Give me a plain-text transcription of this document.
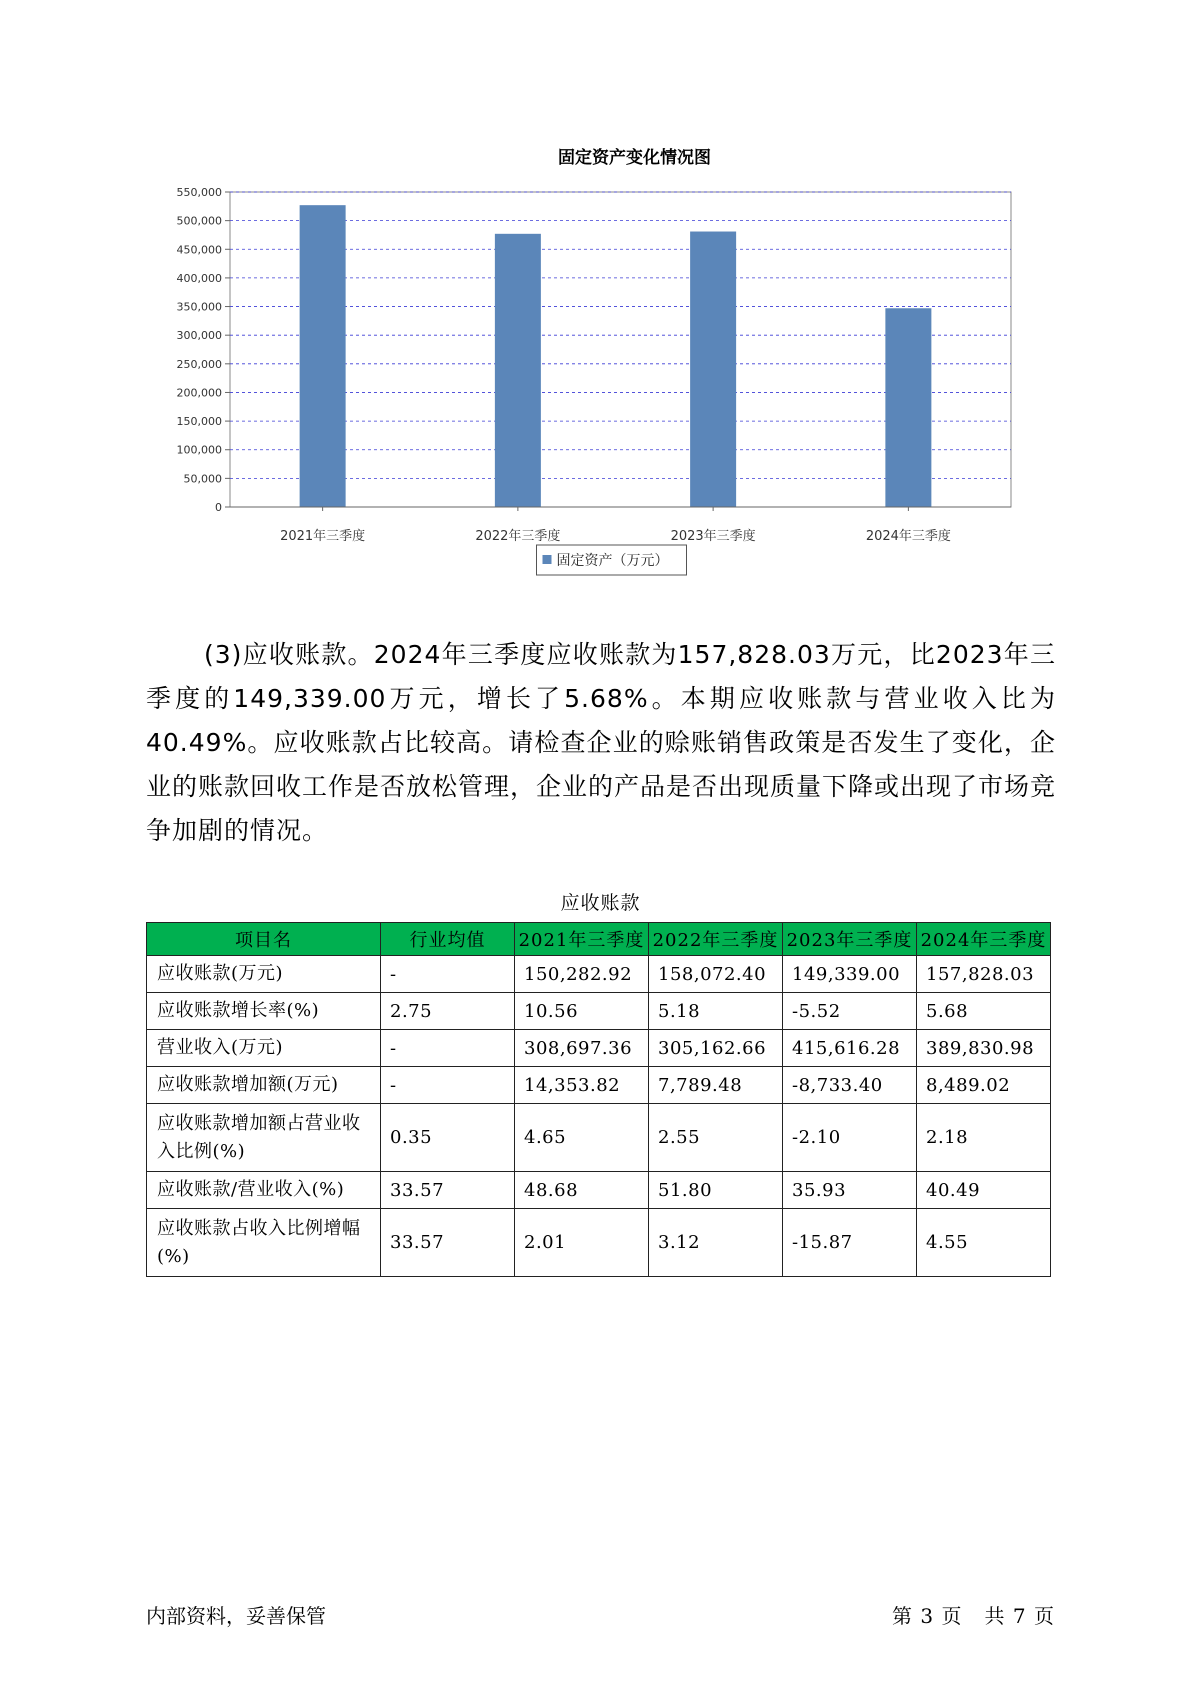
固定资产变化情况图
0
50,000
100,000
150,000
200,000
250,000
300,000
350,000
400,000
450,000
500,000
550,000
2021年三季度	2022年三季度	2023年三季度	2024年三季度
固定资产（万元）
(3)应收账款。2024年三季度应收账款为157,828.03万元，比2023年三季度的149,339.00万元，增长了5.68%。本期应收账款与营业收入比为40.49%。应收账款占比较高。请检查企业的赊账销售政策是否发生了变化，企业的账款回收工作是否放松管理，企业的产品是否出现质量下降或出现了市场竞争加剧的情况。
应收账款
项目名	行业均值	2021年三季度	2022年三季度	2023年三季度	2024年三季度
应收账款(万元)	-	150,282.92	158,072.40	149,339.00	157,828.03
应收账款增长率(%)	2.75	10.56	5.18	-5.52	5.68
营业收入(万元)	-	308,697.36	305,162.66	415,616.28	389,830.98
应收账款增加额(万元)	-	14,353.82	7,789.48	-8,733.40	8,489.02
应收账款增加额占营业收入比例(%)	0.35	4.65	2.55	-2.10	2.18
应收账款/营业收入(%)	33.57	48.68	51.80	35.93	40.49
应收账款占收入比例增幅(%)	33.57	2.01	3.12	-15.87	4.55
内部资料，妥善保管	第 3 页   共 7 页
